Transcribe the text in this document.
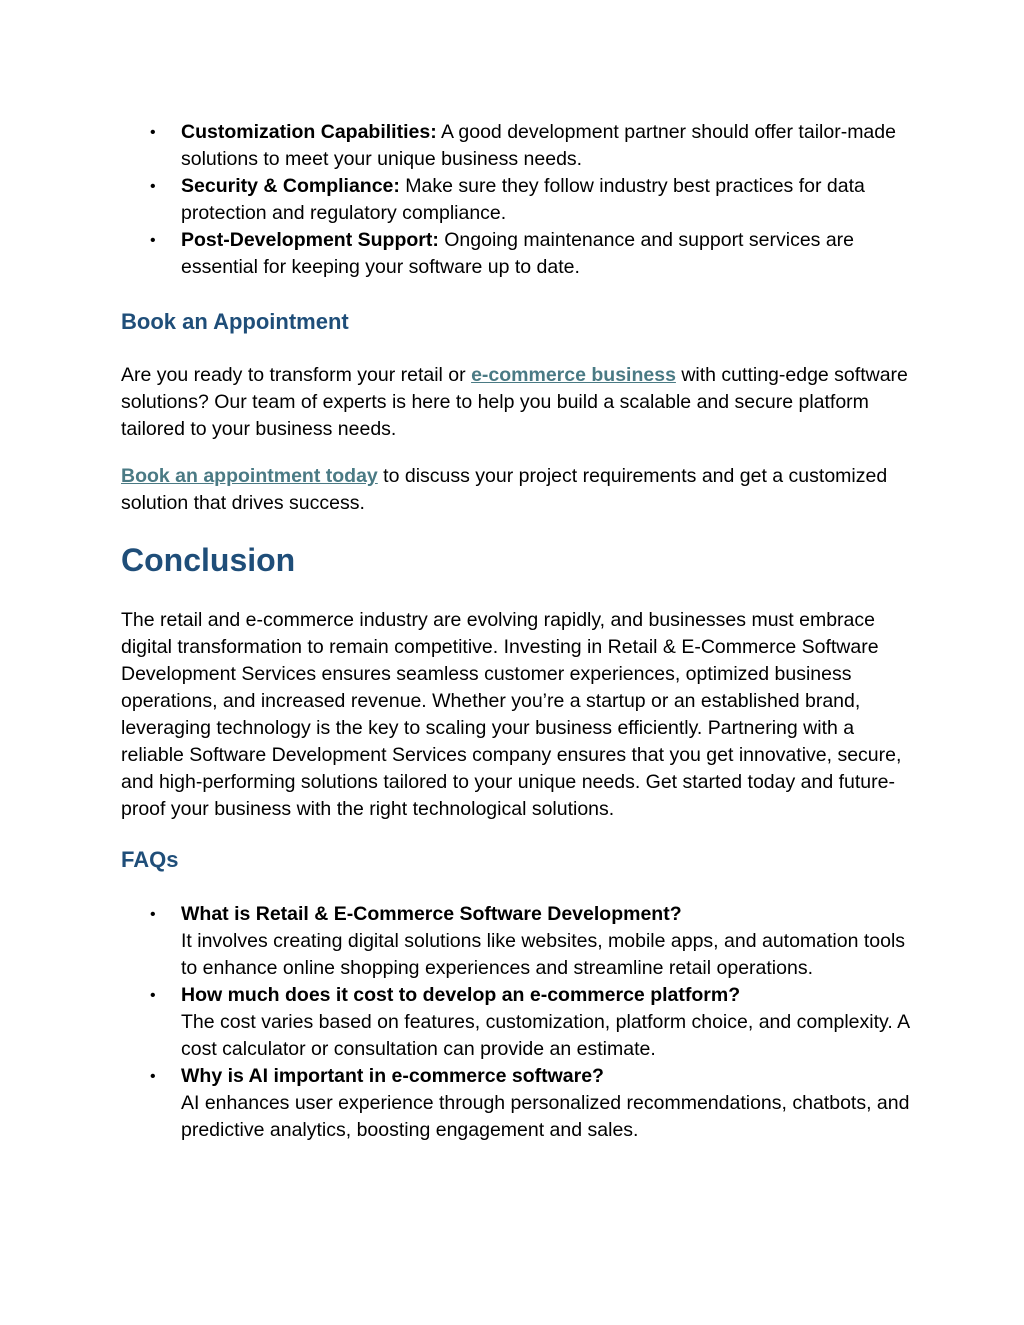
• Customization Capabilities: A good development partner should offer tailor-made solutions to meet your unique business needs.
• Security & Compliance: Make sure they follow industry best practices for data protection and regulatory compliance.
• Post-Development Support: Ongoing maintenance and support services are essential for keeping your software up to date.
Book an Appointment

Are you ready to transform your retail or e-commerce business with cutting-edge software solutions? Our team of experts is here to help you build a scalable and secure platform tailored to your business needs.

Book an appointment today to discuss your project requirements and get a customized solution that drives success.

Conclusion

The retail and e-commerce industry are evolving rapidly, and businesses must embrace digital transformation to remain competitive. Investing in Retail & E-Commerce Software Development Services ensures seamless customer experiences, optimized business operations, and increased revenue. Whether you’re a startup or an established brand, leveraging technology is the key to scaling your business efficiently. Partnering with a reliable Software Development Services company ensures that you get innovative, secure, and high-performing solutions tailored to your unique needs. Get started today and future-proof your business with the right technological solutions.

FAQs
• What is Retail & E-Commerce Software Development?
It involves creating digital solutions like websites, mobile apps, and automation tools to enhance online shopping experiences and streamline retail operations.
• How much does it cost to develop an e-commerce platform?
The cost varies based on features, customization, platform choice, and complexity. A cost calculator or consultation can provide an estimate.
• Why is AI important in e-commerce software?
AI enhances user experience through personalized recommendations, chatbots, and predictive analytics, boosting engagement and sales.
